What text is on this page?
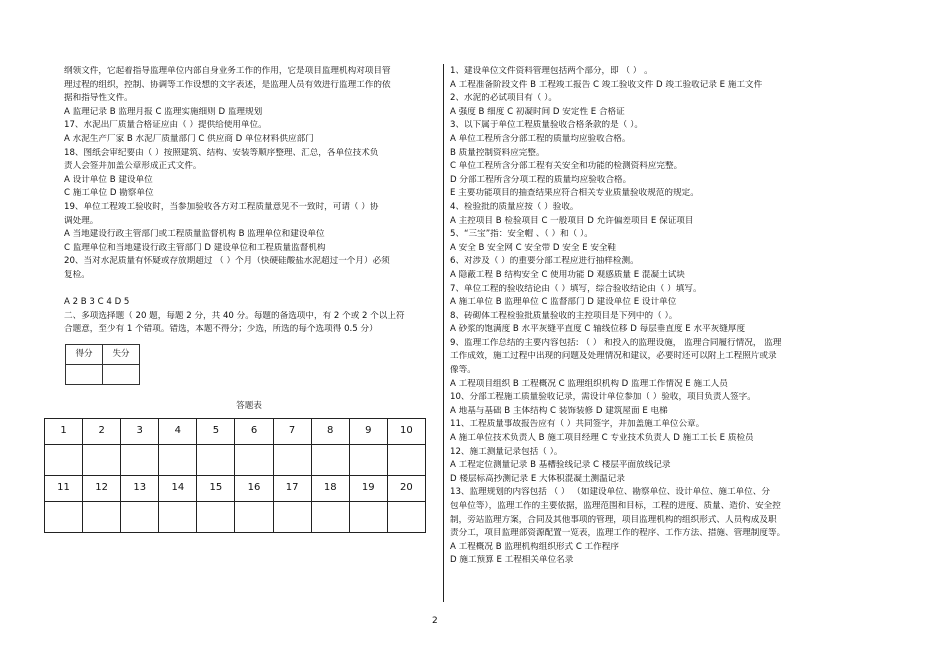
纲领文件，它起着指导监理单位内部自身业务工作的作用，它是项目监理机构对项目管
理过程的组织，控制、协调等工作设想的文字表述，是监理人员有效进行监理工作的依
据和指导性文件。
A 监理记录 B 监理月报 C 监理实施细则 D 监理规划
17、水泥出厂质量合格证应由（ ）提供给使用单位。
A 水泥生产厂家 B 水泥厂质量部门 C 供应商 D 单位材料供应部门
18、图纸会审纪要由（ ）按照建筑、结构、安装等顺序整理、汇总，各单位技术负
责人会签并加盖公章形成正式文件。
A 设计单位 B 建设单位
C 施工单位 D 勘察单位
19、单位工程竣工验收时，当参加验收各方对工程质量意见不一致时，可请（ ）协
调处理。
A 当地建设行政主管部门或工程质量监督机构 B 监理单位和建设单位
C 监理单位和当地建设行政主管部门 D 建设单位和工程质量监督机构
20、当对水泥质量有怀疑或存放期超过 （ ）个月（快硬硅酸盐水泥超过一个月）必须
复检。
A 2 B 3 C 4 D 5
二、多项选择题（ 20 题，每题 2 分，共 40 分。每题的备选项中，有 2 个或 2 个以上符
合题意，至少有 1 个错项。错选，本题不得分；少选，所选的每个选项得 0.5 分）
得分	失分

答题表
1	2	3	4	5	6	7	8	9	10

11	12	13	14	15	16	17	18	19	20

1、建设单位文件资料管理包括两个部分，即 （ ） 。
A 工程准备阶段文件 B 工程竣工报告 C 竣工验收文件 D 竣工验收记录 E 施工文件
2、水泥的必试项目有（ ）。
A 强度 B 细度 C 初凝时间 D 安定性 E 合格证
3、以下属于单位工程质量验收合格条款的是（ ）。
A 单位工程所含分部工程的质量均应验收合格。
B 质量控制资料应完整。
C 单位工程所含分部工程有关安全和功能的检测资料应完整。
D 分部工程所含分项工程的质量均应验收合格。
E 主要功能项目的抽查结果应符合相关专业质量验收规范的规定。
4、检验批的质量应按（ ）验收。
A 主控项目 B 检验项目 C 一般项目 D 允许偏差项目 E 保证项目
5、“三宝”指：安全帽 、（ ）和（ ）。
A 安全 B 安全网 C 安全带 D 安全 E 安全鞋
6、对涉及（ ）的重要分部工程应进行抽样检测。
A 隐蔽工程 B 结构安全 C 使用功能 D 观感质量 E 混凝土试块
7、单位工程的验收结论由（ ）填写，综合验收结论由（ ）填写。
A 施工单位 B 监理单位 C 监督部门 D 建设单位 E 设计单位
8、砖砌体工程检验批质量验收的主控项目是下列中的（ ）。
A 砂浆的饱满度 B 水平灰缝平直度 C 轴线位移 D 每层垂直度 E 水平灰缝厚度
9、监理工作总结的主要内容包括: （ ） 和投入的监理设施， 监理合同履行情况， 监理
工作成效，施工过程中出现的问题及处理情况和建议，必要时还可以附上工程照片或录
像等。
A 工程项目组织 B 工程概况 C 监理组织机构 D 监理工作情况 E 施工人员
10、分部工程施工质量验收记录，需设计单位参加（ ）验收，项目负责人签字。
A 地基与基础 B 主体结构 C 装饰装修 D 建筑屋面 E 电梯
11、工程质量事故报告应有（ ）共同签字，并加盖施工单位公章。
A 施工单位技术负责人 B 施工项目经理 C 专业技术负责人 D 施工工长 E 质检员
12、施工测量记录包括（ ）。
A 工程定位测量记录 B 基槽验线记录 C 楼层平面放线记录
D 楼层标高抄测记录 E 大体积混凝土测温记录
13、监理规划的内容包括 （ ） （如建设单位、勘察单位、设计单位、施工单位、分
包单位等），监理工作的主要依据，监理范围和目标，工程的进度、质量、造价、安全控
制，旁站监理方案，合同及其他事项的管理，项目监理机构的组织形式、人员构成及职
责分工，项目监理部资源配置一览表，监理工作的程序、工作方法、措施、管理制度等。
A 工程概况 B 监理机构组织形式 C 工作程序
D 施工预算 E 工程相关单位名录
2
